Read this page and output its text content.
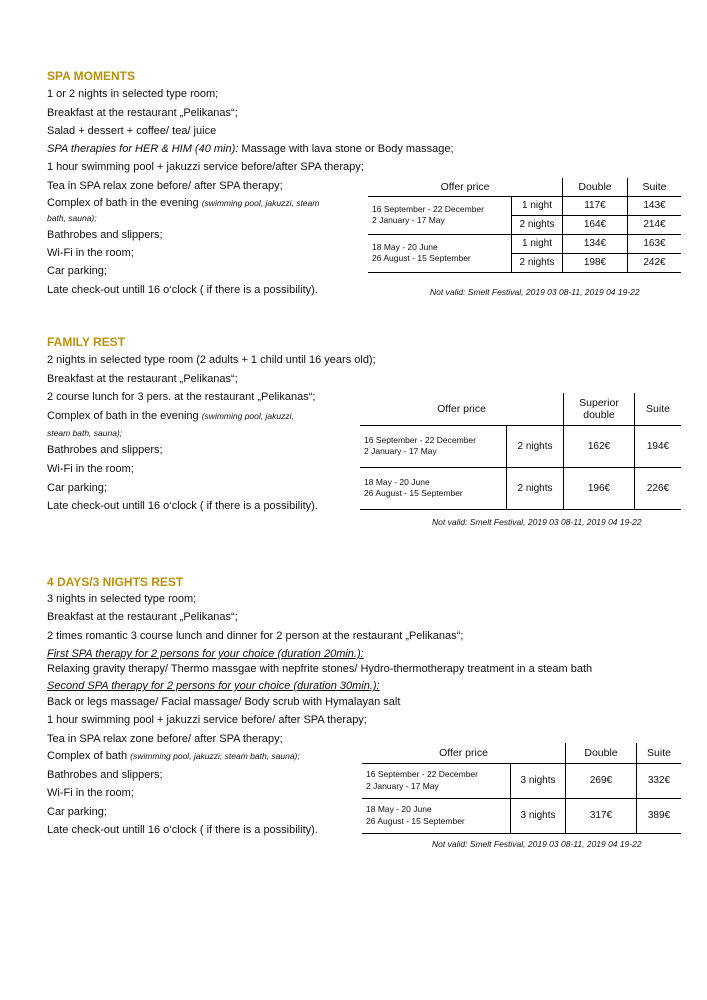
SPA MOMENTS
1 or 2 nights in selected type room;
Breakfast at the restaurant „Pelikanas“;
Salad + dessert + coffee/ tea/ juice
SPA therapies for HER & HIM (40 min): Massage with lava stone or Body massage;
1 hour swimming pool + jakuzzi service before/after SPA therapy;
Tea in SPA relax zone before/ after SPA therapy;
Complex of bath in the evening (swimming pool, jakuzzi, steam
bath, sauna);
Bathrobes and slippers;
Wi-Fi in the room;
Car parking;
Late check-out untill 16 o‘clock ( if there is a possibility).
Offer price		Double	Suite

16 September - 22 December
2 January - 17 May	1 night	117€	143€
	2 nights	164€	214€

18 May - 20 June
26 August - 15 September	1 night	134€	163€
	2 nights	198€	242€
Not valid: Smelt Festival, 2019 03 08-11, 2019 04 19-22
FAMILY REST
2 nights in selected type room (2 adults + 1 child until 16 years old);
Breakfast at the restaurant „Pelikanas“;
2 course lunch for 3 pers. at the restaurant „Pelikanas“;
Complex of bath in the evening (swimming pool, jakuzzi,
steam bath, sauna);
Bathrobes and slippers;
Wi-Fi in the room;
Car parking;
Late check-out untill 16 o‘clock ( if there is a possibility).
Offer price		Superior
double	Suite

16 September - 22 December
2 January - 17 May	2 nights	162€	194€

18 May - 20 June
26 August - 15 September	2 nights	196€	226€
Not valid: Smelt Festival, 2019 03 08-11, 2019 04 19-22
4 DAYS/3 NIGHTS REST
3 nights in selected type room;
Breakfast at the restaurant „Pelikanas“;
2 times romantic 3 course lunch and dinner for 2 person at the restaurant „Pelikanas“;
First SPA therapy for 2 persons for your choice (duration 20min.):
Relaxing gravity therapy/ Thermo massgae with nepfrite stones/ Hydro-thermotherapy treatment in a steam bath
Second SPA therapy for 2 persons for your choice (duration 30min.):
Back or legs massage/ Facial massage/ Body scrub with Hymalayan salt
1 hour swimming pool + jakuzzi service before/ after SPA therapy;
Tea in SPA relax zone before/ after SPA therapy;
Complex of bath (swimming pool, jakuzzi, steam bath, sauna);
Bathrobes and slippers;
Wi-Fi in the room;
Car parking;
Late check-out untill 16 o‘clock ( if there is a possibility).
Offer price		Double	Suite

16 September - 22 December
2 January - 17 May	3 nights	269€	332€

18 May - 20 June
26 August - 15 September	3 nights	317€	389€
Not valid: Smelt Festival, 2019 03 08-11, 2019 04 19-22
